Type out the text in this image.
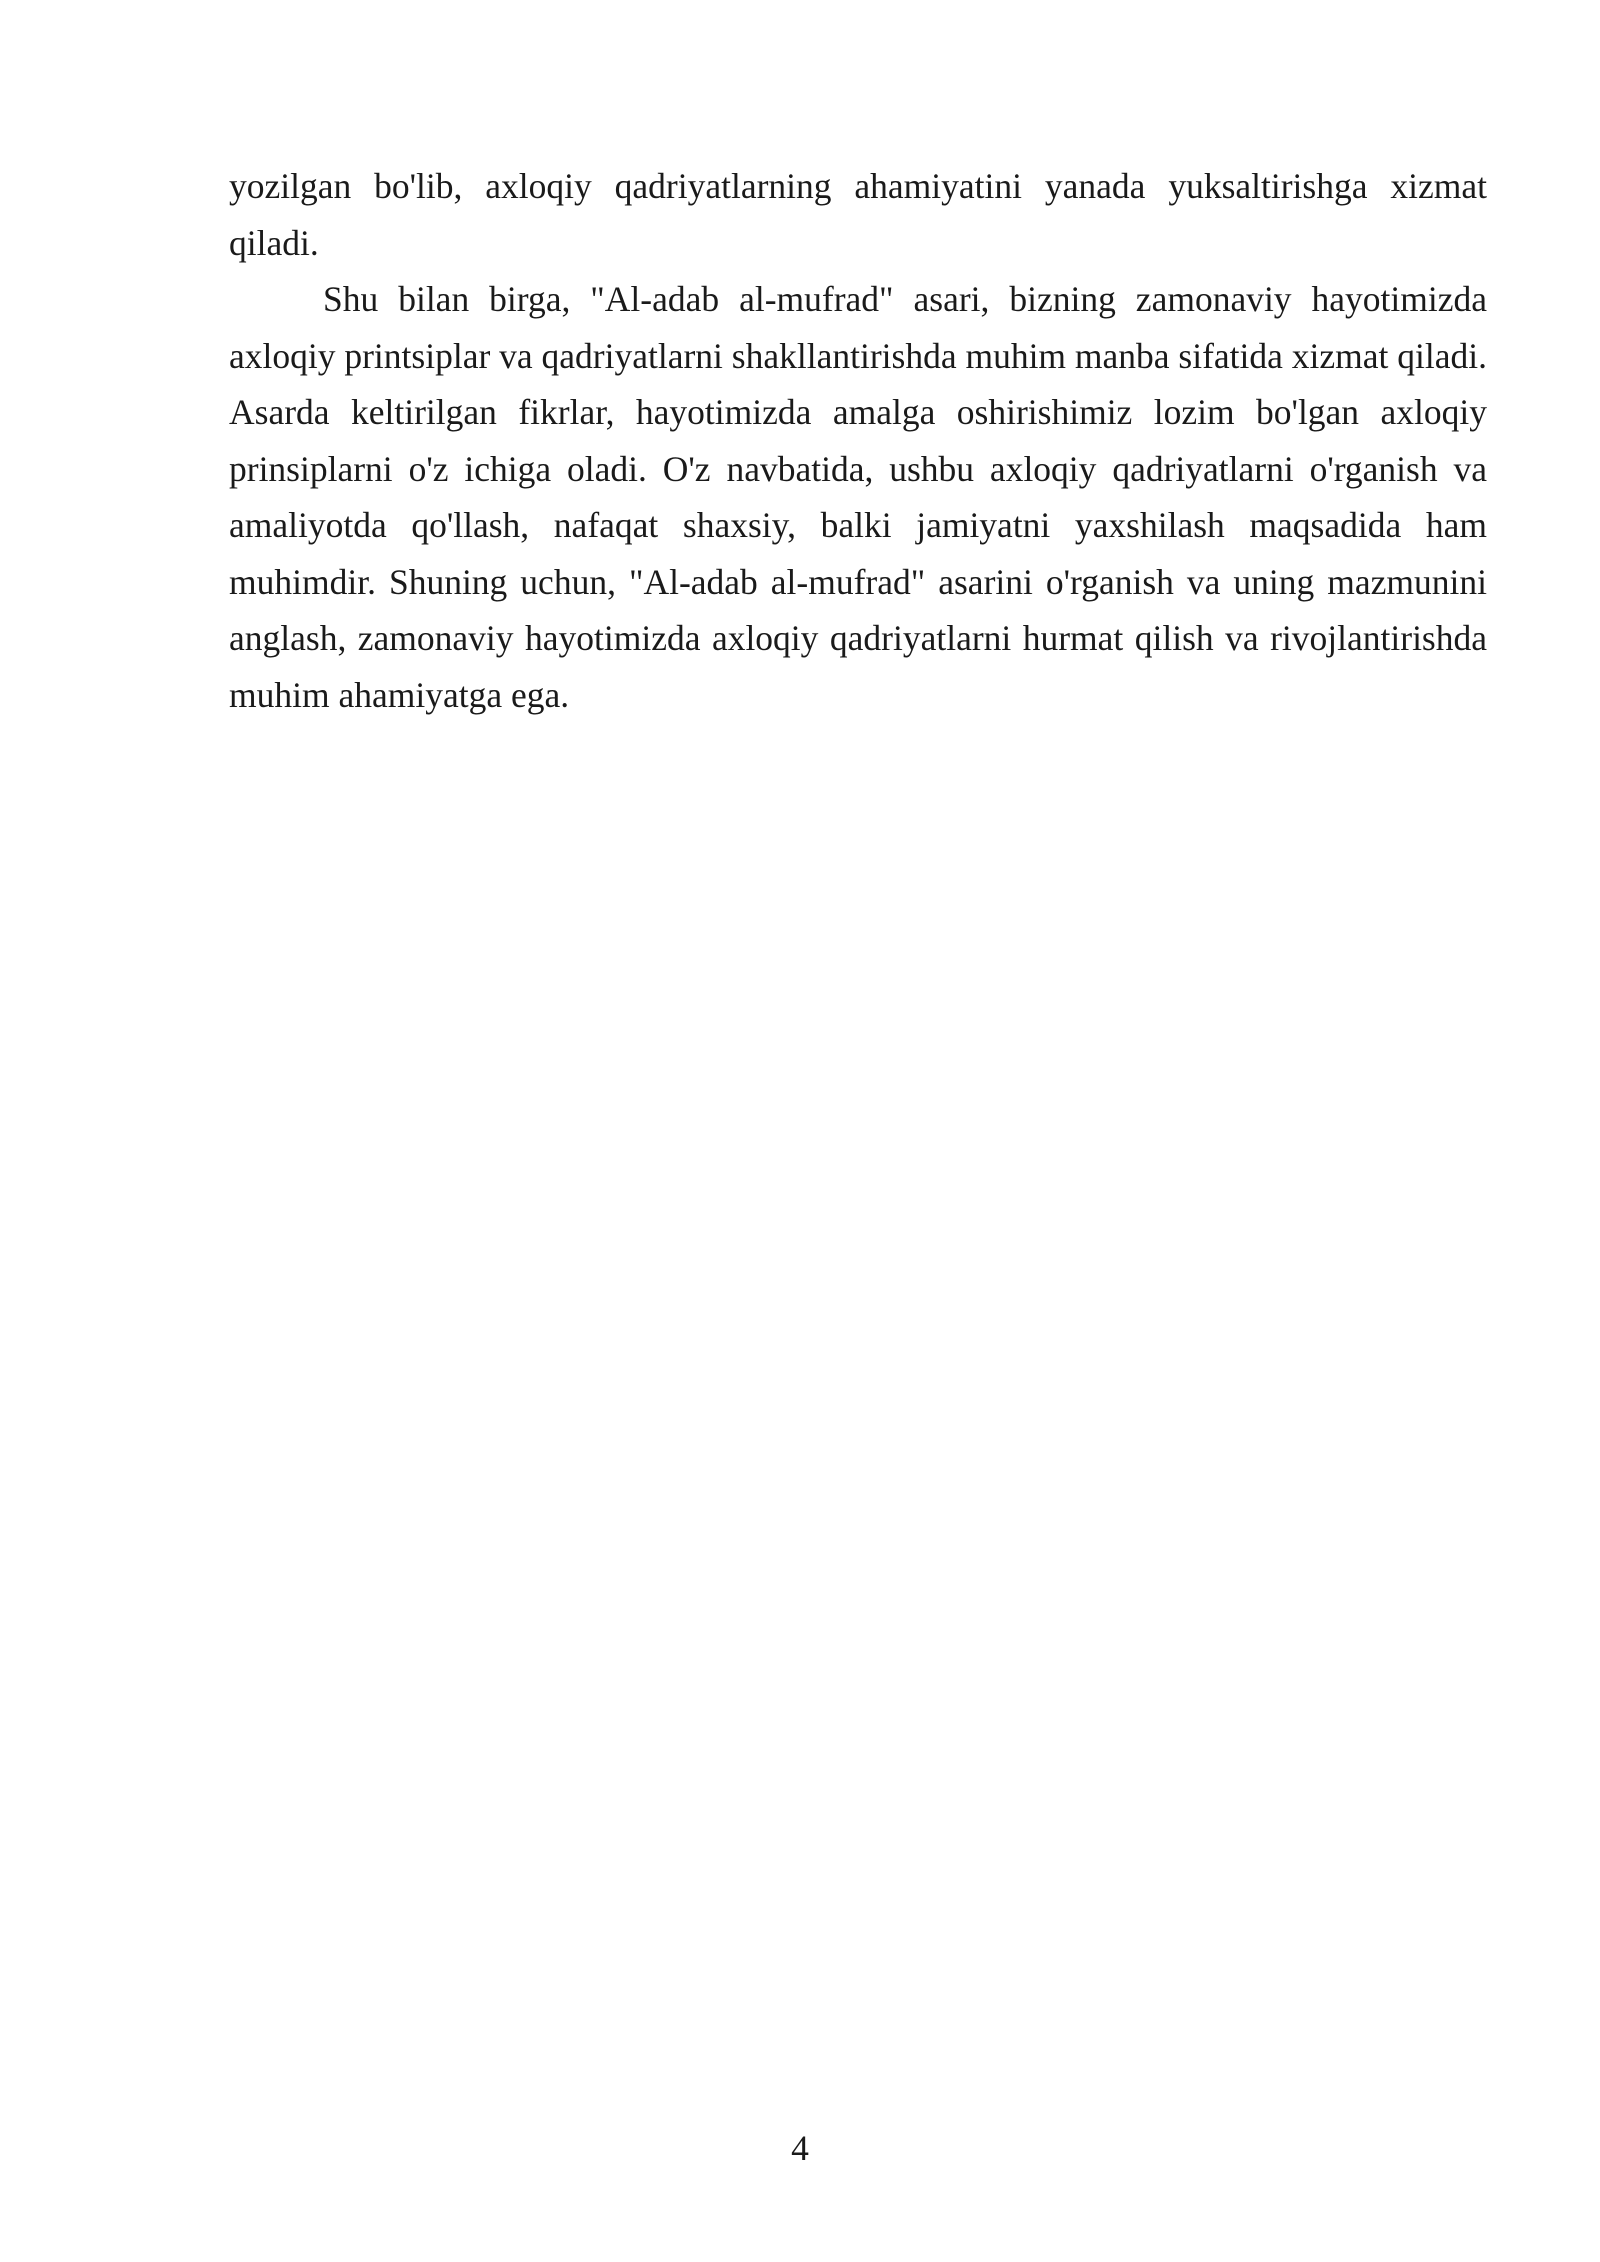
yozilgan bo'lib, axloqiy qadriyatlarning ahamiyatini yanada yuksaltirishga xizmat qiladi.

Shu bilan birga, "Al-adab al-mufrad" asari, bizning zamonaviy hayotimizda axloqiy printsiplar va qadriyatlarni shakllantirishda muhim manba sifatida xizmat qiladi. Asarda keltirilgan fikrlar, hayotimizda amalga oshirishimiz lozim bo'lgan axloqiy prinsiplarni o'z ichiga oladi. O'z navbatida, ushbu axloqiy qadriyatlarni o'rganish va amaliyotda qo'llash, nafaqat shaxsiy, balki jamiyatni yaxshilash maqsadida ham muhimdir. Shuning uchun, "Al-adab al-mufrad" asarini o'rganish va uning mazmunini anglash, zamonaviy hayotimizda axloqiy qadriyatlarni hurmat qilish va rivojlantirishda muhim ahamiyatga ega.

4
